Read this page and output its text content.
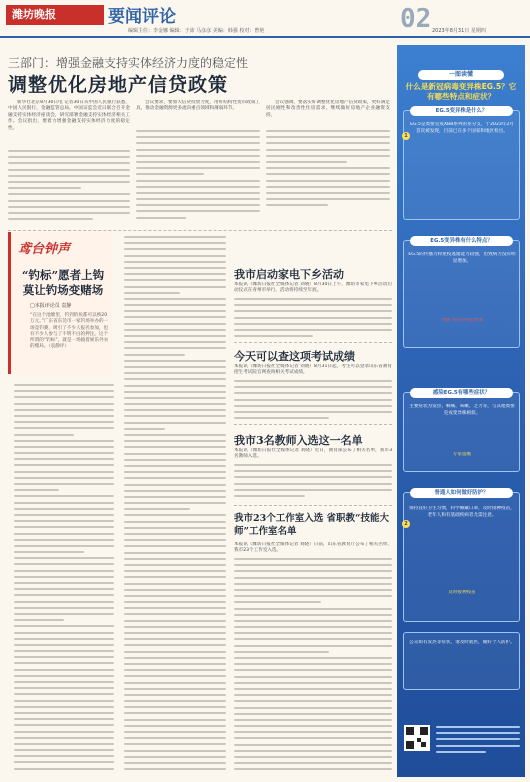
潍坊晚报	要闻评论	02
编辑主任：李金娜 编辑：于沛 马彦彦 美编：韩强 校对：曾艳	2023年8月31日 星期四
三部门：增强金融支持实体经济力度的稳定性
调整优化房地产信贷政策

新华社北京8月30日电 记者30日从中国人民银行获悉，中国人民银行、金融监管总局、中国证监会近日联合召开金融支持实体经济座谈会，研究部署金融支持实体经济相关工作。会议指出，要着力增强金融支持实体经济力度的稳定性。

会议要求，要加大信贷投放力度，用好结构性货币政策工具，推动金融资源更多流向重点领域和薄弱环节。

会议强调，要落实好调整优化房地产信贷政策，更好满足居民刚性和改善性住房需求，继续做好房地产企业融资支持。

鸢台钟声
“钓标”愿者上钩 莫让钓场变赌场
□本报评论员 袁静
“在这个池塘里，钓到的鱼都可以换20万元。”广东省东莞市一家钓场举办的一场竞钓赛，吸引了不少人报名参加，也有不少人参与了不明不白的押注。这个所谓的“钓标”，就是一场披着娱乐外衣的赌局。（袁静评）
我市启动家电下乡活动
本报讯（潍坊日报社全媒体记者 刘晓）8月30日上午，潍坊市家电下乡活动启动仪式在青州市举行，活动将持续至年底。
今天可以查这项考试成绩
本报讯（潍坊日报社全媒体记者 刘晓）8月31日起，考生可以登录山东省教育招生考试院官网查询相关考试成绩。
我市3名教师入选这一名单
本报讯（潍坊日报社全媒体记者 刘晓）近日，教育部公布了相关名单，我市3名教师入选。
我市23个工作室入选 省职教“技能大师”工作室名单
本报讯（潍坊日报社全媒体记者 刘晓）日前，山东省教育厅公布了相关名单，我市23个工作室入选。
一图读懂
什么是新冠病毒变异株EG.5？它有哪些特点和症状？
EG.5变异株是什么？
1
EG.5是奥密克戎XBB系列的亚分支，于2023年2月首次被发现，目前已在多个国家和地区检出。
EG.5变异株有什么特点？
EG.5的传播力和免疫逃逸能力较强，但致病力没有明显增加。
致病力没有明显增加
感染EG.5有哪些症状？
主要症状为发热、咽痛、咳嗽、乏力等，与其他奥密克戎变异株相似。
专家提醒
普通人如何做好防护？
2
保持良好卫生习惯，科学佩戴口罩，及时接种疫苗，老年人和有基础疾病者尤需注意。
及时接种疫苗
公众如有发热等症状，请及时就医，做好个人防护。
